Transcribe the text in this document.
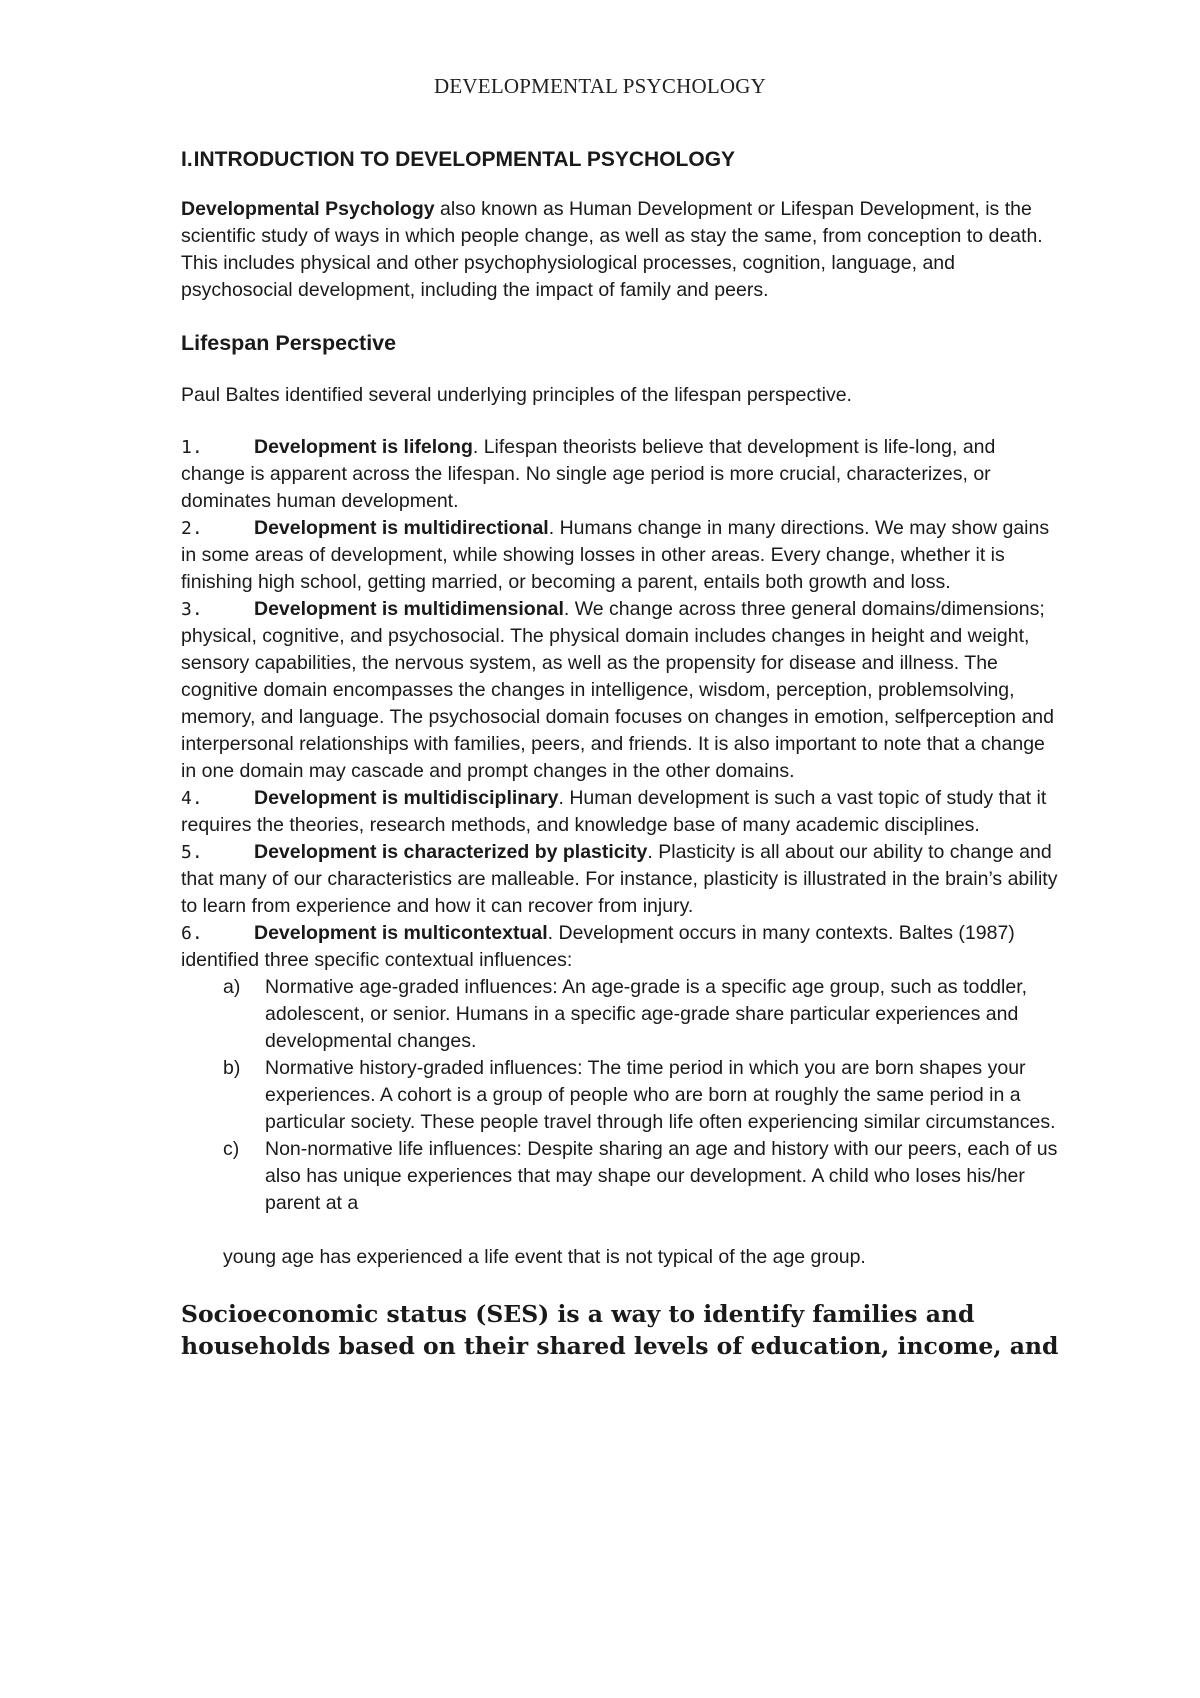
DEVELOPMENTAL PSYCHOLOGY
I.INTRODUCTION TO DEVELOPMENTAL PSYCHOLOGY

Developmental Psychology also known as Human Development or Lifespan Development, is the scientific study of ways in which people change, as well as stay the same, from conception to death. This includes physical and other psychophysiological processes, cognition, language, and psychosocial development, including the impact of family and peers.

Lifespan Perspective

Paul Baltes identified several underlying principles of the lifespan perspective.

1.	Development is lifelong. Lifespan theorists believe that development is life-long, and change is apparent across the lifespan. No single age period is more crucial, characterizes, or dominates human development.

2.	Development is multidirectional. Humans change in many directions. We may show gains in some areas of development, while showing losses in other areas. Every change, whether it is finishing high school, getting married, or becoming a parent, entails both growth and loss.

3.	Development is multidimensional. We change across three general domains/dimensions; physical, cognitive, and psychosocial. The physical domain includes changes in height and weight, sensory capabilities, the nervous system, as well as the propensity for disease and illness. The cognitive domain encompasses the changes in intelligence, wisdom, perception, problemsolving, memory, and language. The psychosocial domain focuses on changes in emotion, selfperception and interpersonal relationships with families, peers, and friends. It is also important to note that a change in one domain may cascade and prompt changes in the other domains.

4.	Development is multidisciplinary. Human development is such a vast topic of study that it requires the theories, research methods, and knowledge base of many academic disciplines.

5.	Development is characterized by plasticity. Plasticity is all about our ability to change and that many of our characteristics are malleable. For instance, plasticity is illustrated in the brain’s ability to learn from experience and how it can recover from injury.

6.	Development is multicontextual. Development occurs in many contexts. Baltes (1987) identified three specific contextual influences:

a) Normative age-graded influences: An age-grade is a specific age group, such as toddler, adolescent, or senior. Humans in a specific age-grade share particular experiences and developmental changes.
b) Normative history-graded influences: The time period in which you are born shapes your experiences. A cohort is a group of people who are born at roughly the same period in a particular society. These people travel through life often experiencing similar circumstances.
c) Non-normative life influences: Despite sharing an age and history with our peers, each of us also has unique experiences that may shape our development. A child who loses his/her parent at a

young age has experienced a life event that is not typical of the age group.

Socioeconomic status (SES) is a way to identify families and households based on their shared levels of education, income, and
